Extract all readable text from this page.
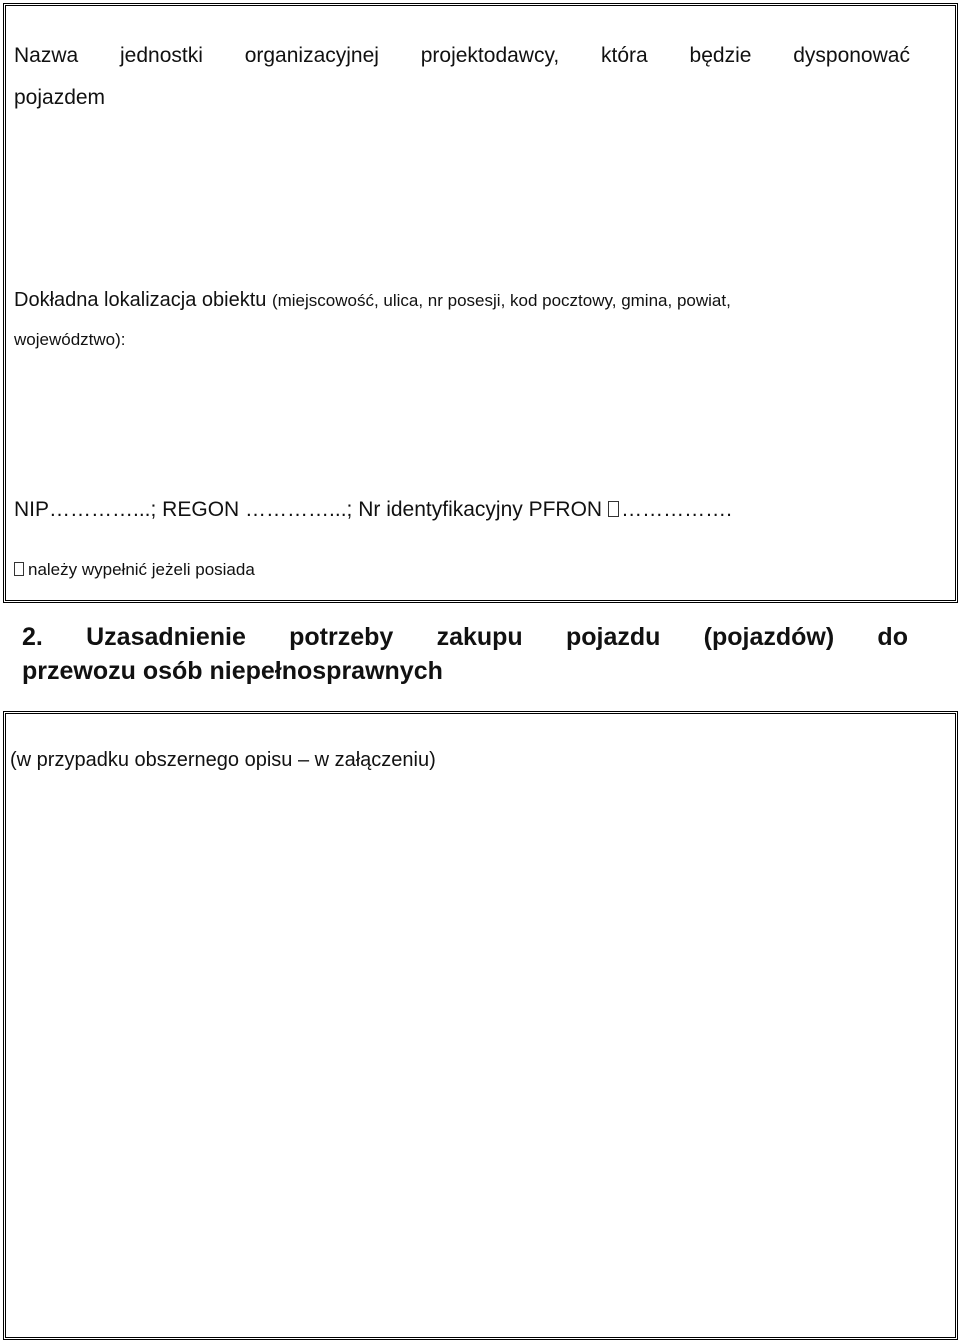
Nazwa jednostki organizacyjnej projektodawcy, która będzie dysponować
pojazdem
Dokładna lokalizacja obiektu (miejscowość, ulica, nr posesji, kod pocztowy, gmina, powiat,
województwo):
NIP…………...; REGON …………...; Nr identyfikacyjny PFRON …………….
należy wypełnić jeżeli posiada
2. Uzasadnienie potrzeby zakupu pojazdu (pojazdów) do
przewozu osób niepełnosprawnych
(w przypadku obszernego opisu – w załączeniu)
